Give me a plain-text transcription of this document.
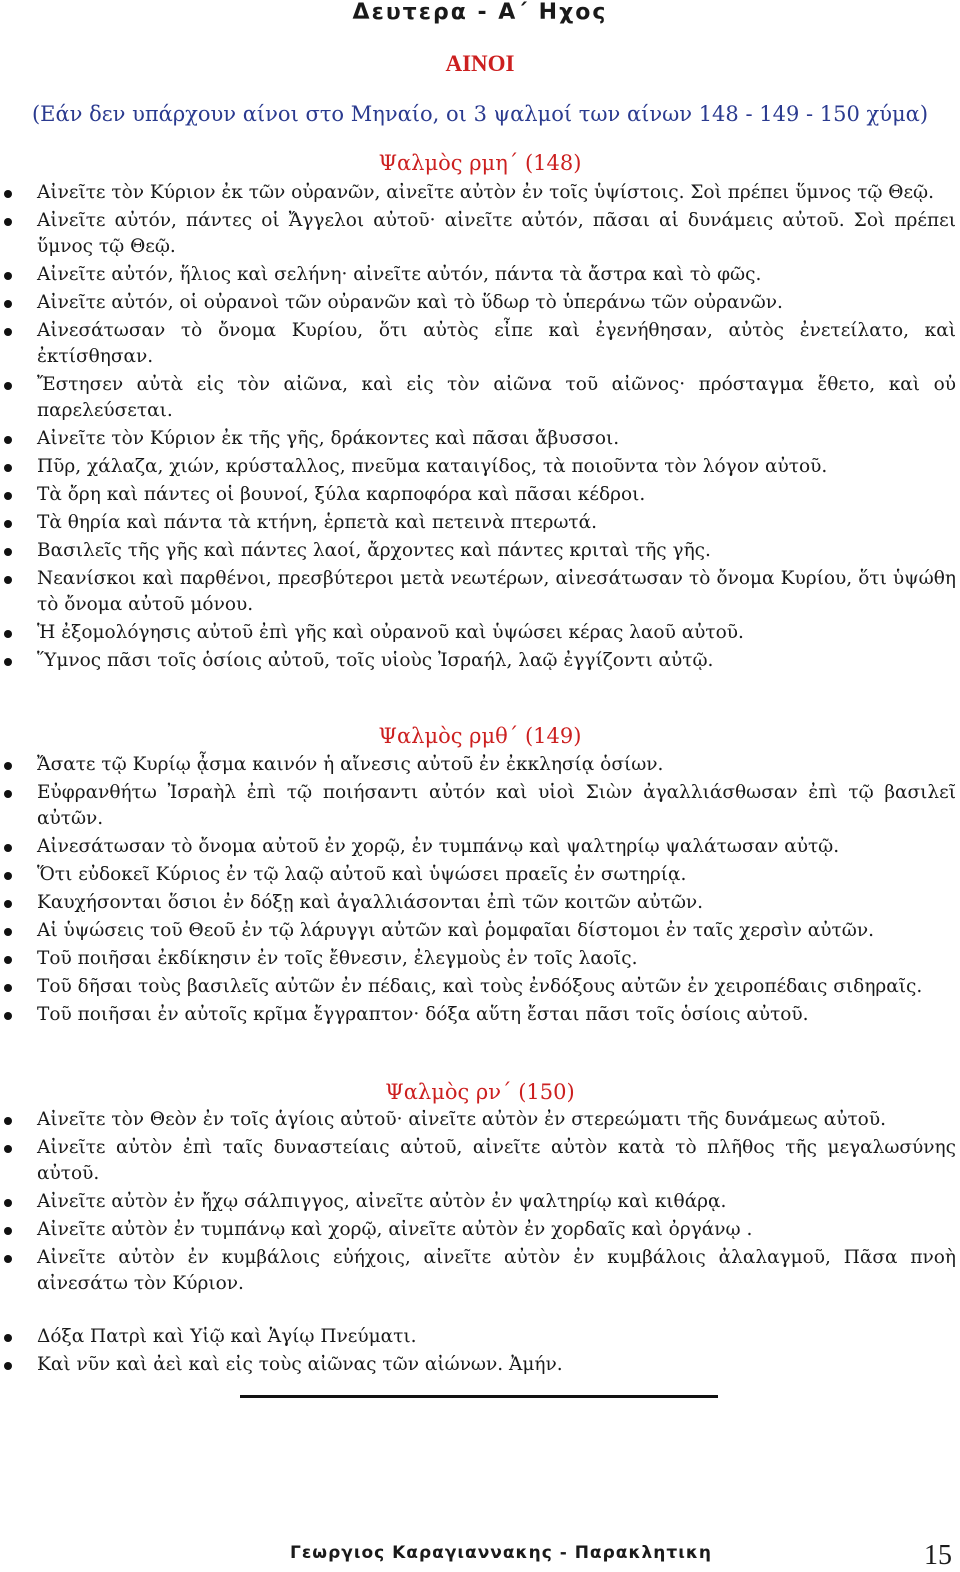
Δευτερα - Α΄ Ηχος
ΑΙΝΟΙ
(Εάν δεν υπάρχουν αίνοι στο Μηναίο, οι 3 ψαλμοί των αίνων 148 - 149 - 150 χύμα)
Ψαλμὸς ρμη΄ (148)
Αἰνεῖτε τὸν Κύριον ἐκ τῶν οὐρανῶν, αἰνεῖτε αὐτὸν ἐν τοῖς ὑψίστοις. Σοὶ πρέπει ὕμνος τῷ Θεῷ.
Αἰνεῖτε αὐτόν, πάντες οἱ Ἄγγελοι αὐτοῦ· αἰνεῖτε αὐτόν, πᾶσαι αἱ δυνάμεις αὐτοῦ. Σοὶ πρέπει ὕμνος τῷ Θεῷ.
Αἰνεῖτε αὐτόν, ἥλιος καὶ σελήνη· αἰνεῖτε αὐτόν, πάντα τὰ ἄστρα καὶ τὸ φῶς.
Αἰνεῖτε αὐτόν, οἱ οὐρανοὶ τῶν οὐρανῶν καὶ τὸ ὕδωρ τὸ ὑπεράνω τῶν οὐρανῶν.
Αἰνεσάτωσαν τὸ ὄνομα Κυρίου, ὅτι αὐτὸς εἶπε καὶ ἐγενήθησαν, αὐτὸς ἐνετείλατο, καὶ ἐκτίσθησαν.
Ἔστησεν αὐτὰ εἰς τὸν αἰῶνα, καὶ εἰς τὸν αἰῶνα τοῦ αἰῶνος· πρόσταγμα ἔθετο, καὶ οὐ παρελεύσεται.
Αἰνεῖτε τὸν Κύριον ἐκ τῆς γῆς, δράκοντες καὶ πᾶσαι ἄβυσσοι.
Πῦρ, χάλαζα, χιών, κρύσταλλος, πνεῦμα καταιγίδος, τὰ ποιοῦντα τὸν λόγον αὐτοῦ.
Τὰ ὄρη καὶ πάντες οἱ βουνοί, ξύλα καρποφόρα καὶ πᾶσαι κέδροι.
Τὰ θηρία καὶ πάντα τὰ κτήνη, ἑρπετὰ καὶ πετεινὰ πτερωτά.
Βασιλεῖς τῆς γῆς καὶ πάντες λαοί, ἄρχοντες καὶ πάντες κριταὶ τῆς γῆς.
Νεανίσκοι καὶ παρθένοι, πρεσβύτεροι μετὰ νεωτέρων, αἰνεσάτωσαν τὸ ὄνομα Κυρίου, ὅτι ὑψώθη τὸ ὄνομα αὐτοῦ μόνου.
Ἡ ἐξομολόγησις αὐτοῦ ἐπὶ γῆς καὶ οὐρανοῦ καὶ ὑψώσει κέρας λαοῦ αὐτοῦ.
Ὕμνος πᾶσι τοῖς ὁσίοις αὐτοῦ, τοῖς υἱοὺς Ἰσραήλ, λαῷ ἐγγίζοντι αὐτῷ.
Ψαλμὸς ρμθ΄ (149)
Ἄσατε τῷ Κυρίῳ ᾆσμα καινόν ἡ αἴνεσις αὐτοῦ ἐν ἐκκλησίᾳ ὁσίων.
Εὐφρανθήτω Ἰσραὴλ ἐπὶ τῷ ποιήσαντι αὐτόν καὶ υἱοὶ Σιὼν ἀγαλλιάσθωσαν ἐπὶ τῷ βασιλεῖ αὐτῶν.
Αἰνεσάτωσαν τὸ ὄνομα αὐτοῦ ἐν χορῷ, ἐν τυμπάνῳ καὶ ψαλτηρίῳ ψαλάτωσαν αὐτῷ.
Ὅτι εὐδοκεῖ Κύριος ἐν τῷ λαῷ αὐτοῦ καὶ ὑψώσει πραεῖς ἐν σωτηρίᾳ.
Καυχήσονται ὅσιοι ἐν δόξῃ καὶ ἀγαλλιάσονται ἐπὶ τῶν κοιτῶν αὐτῶν.
Αἱ ὑψώσεις τοῦ Θεοῦ ἐν τῷ λάρυγγι αὐτῶν καὶ ῥομφαῖαι δίστομοι ἐν ταῖς χερσὶν αὐτῶν.
Τοῦ ποιῆσαι ἐκδίκησιν ἐν τοῖς ἔθνεσιν, ἐλεγμοὺς ἐν τοῖς λαοῖς.
Τοῦ δῆσαι τοὺς βασιλεῖς αὐτῶν ἐν πέδαις, καὶ τοὺς ἐνδόξους αὐτῶν ἐν χειροπέδαις σιδηραῖς.
Τοῦ ποιῆσαι ἐν αὐτοῖς κρῖμα ἔγγραπτον· δόξα αὕτη ἔσται πᾶσι τοῖς ὁσίοις αὐτοῦ.
Ψαλμὸς ρν΄ (150)
Αἰνεῖτε τὸν Θεὸν ἐν τοῖς ἁγίοις αὐτοῦ· αἰνεῖτε αὐτὸν ἐν στερεώματι τῆς δυνάμεως αὐτοῦ.
Αἰνεῖτε αὐτὸν ἐπὶ ταῖς δυναστείαις αὐτοῦ, αἰνεῖτε αὐτὸν κατὰ τὸ πλῆθος τῆς μεγαλωσύνης αὐτοῦ.
Αἰνεῖτε αὐτὸν ἐν ἤχῳ σάλπιγγος, αἰνεῖτε αὐτὸν ἐν ψαλτηρίῳ καὶ κιθάρᾳ.
Αἰνεῖτε αὐτὸν ἐν τυμπάνῳ καὶ χορῷ, αἰνεῖτε αὐτὸν ἐν χορδαῖς καὶ ὀργάνῳ .
Αἰνεῖτε αὐτὸν ἐν κυμβάλοις εὐήχοις, αἰνεῖτε αὐτὸν ἐν κυμβάλοις ἀλαλαγμοῦ, Πᾶσα πνοὴ αἰνεσάτω τὸν Κύριον.
Δόξα Πατρὶ καὶ Υἱῷ καὶ Ἁγίῳ Πνεύματι.
Καὶ νῦν καὶ ἀεὶ καὶ εἰς τοὺς αἰῶνας τῶν αἰώνων. Ἀμήν.
Γεωργιος Καραγιαννακης - Παρακλητικη	15
